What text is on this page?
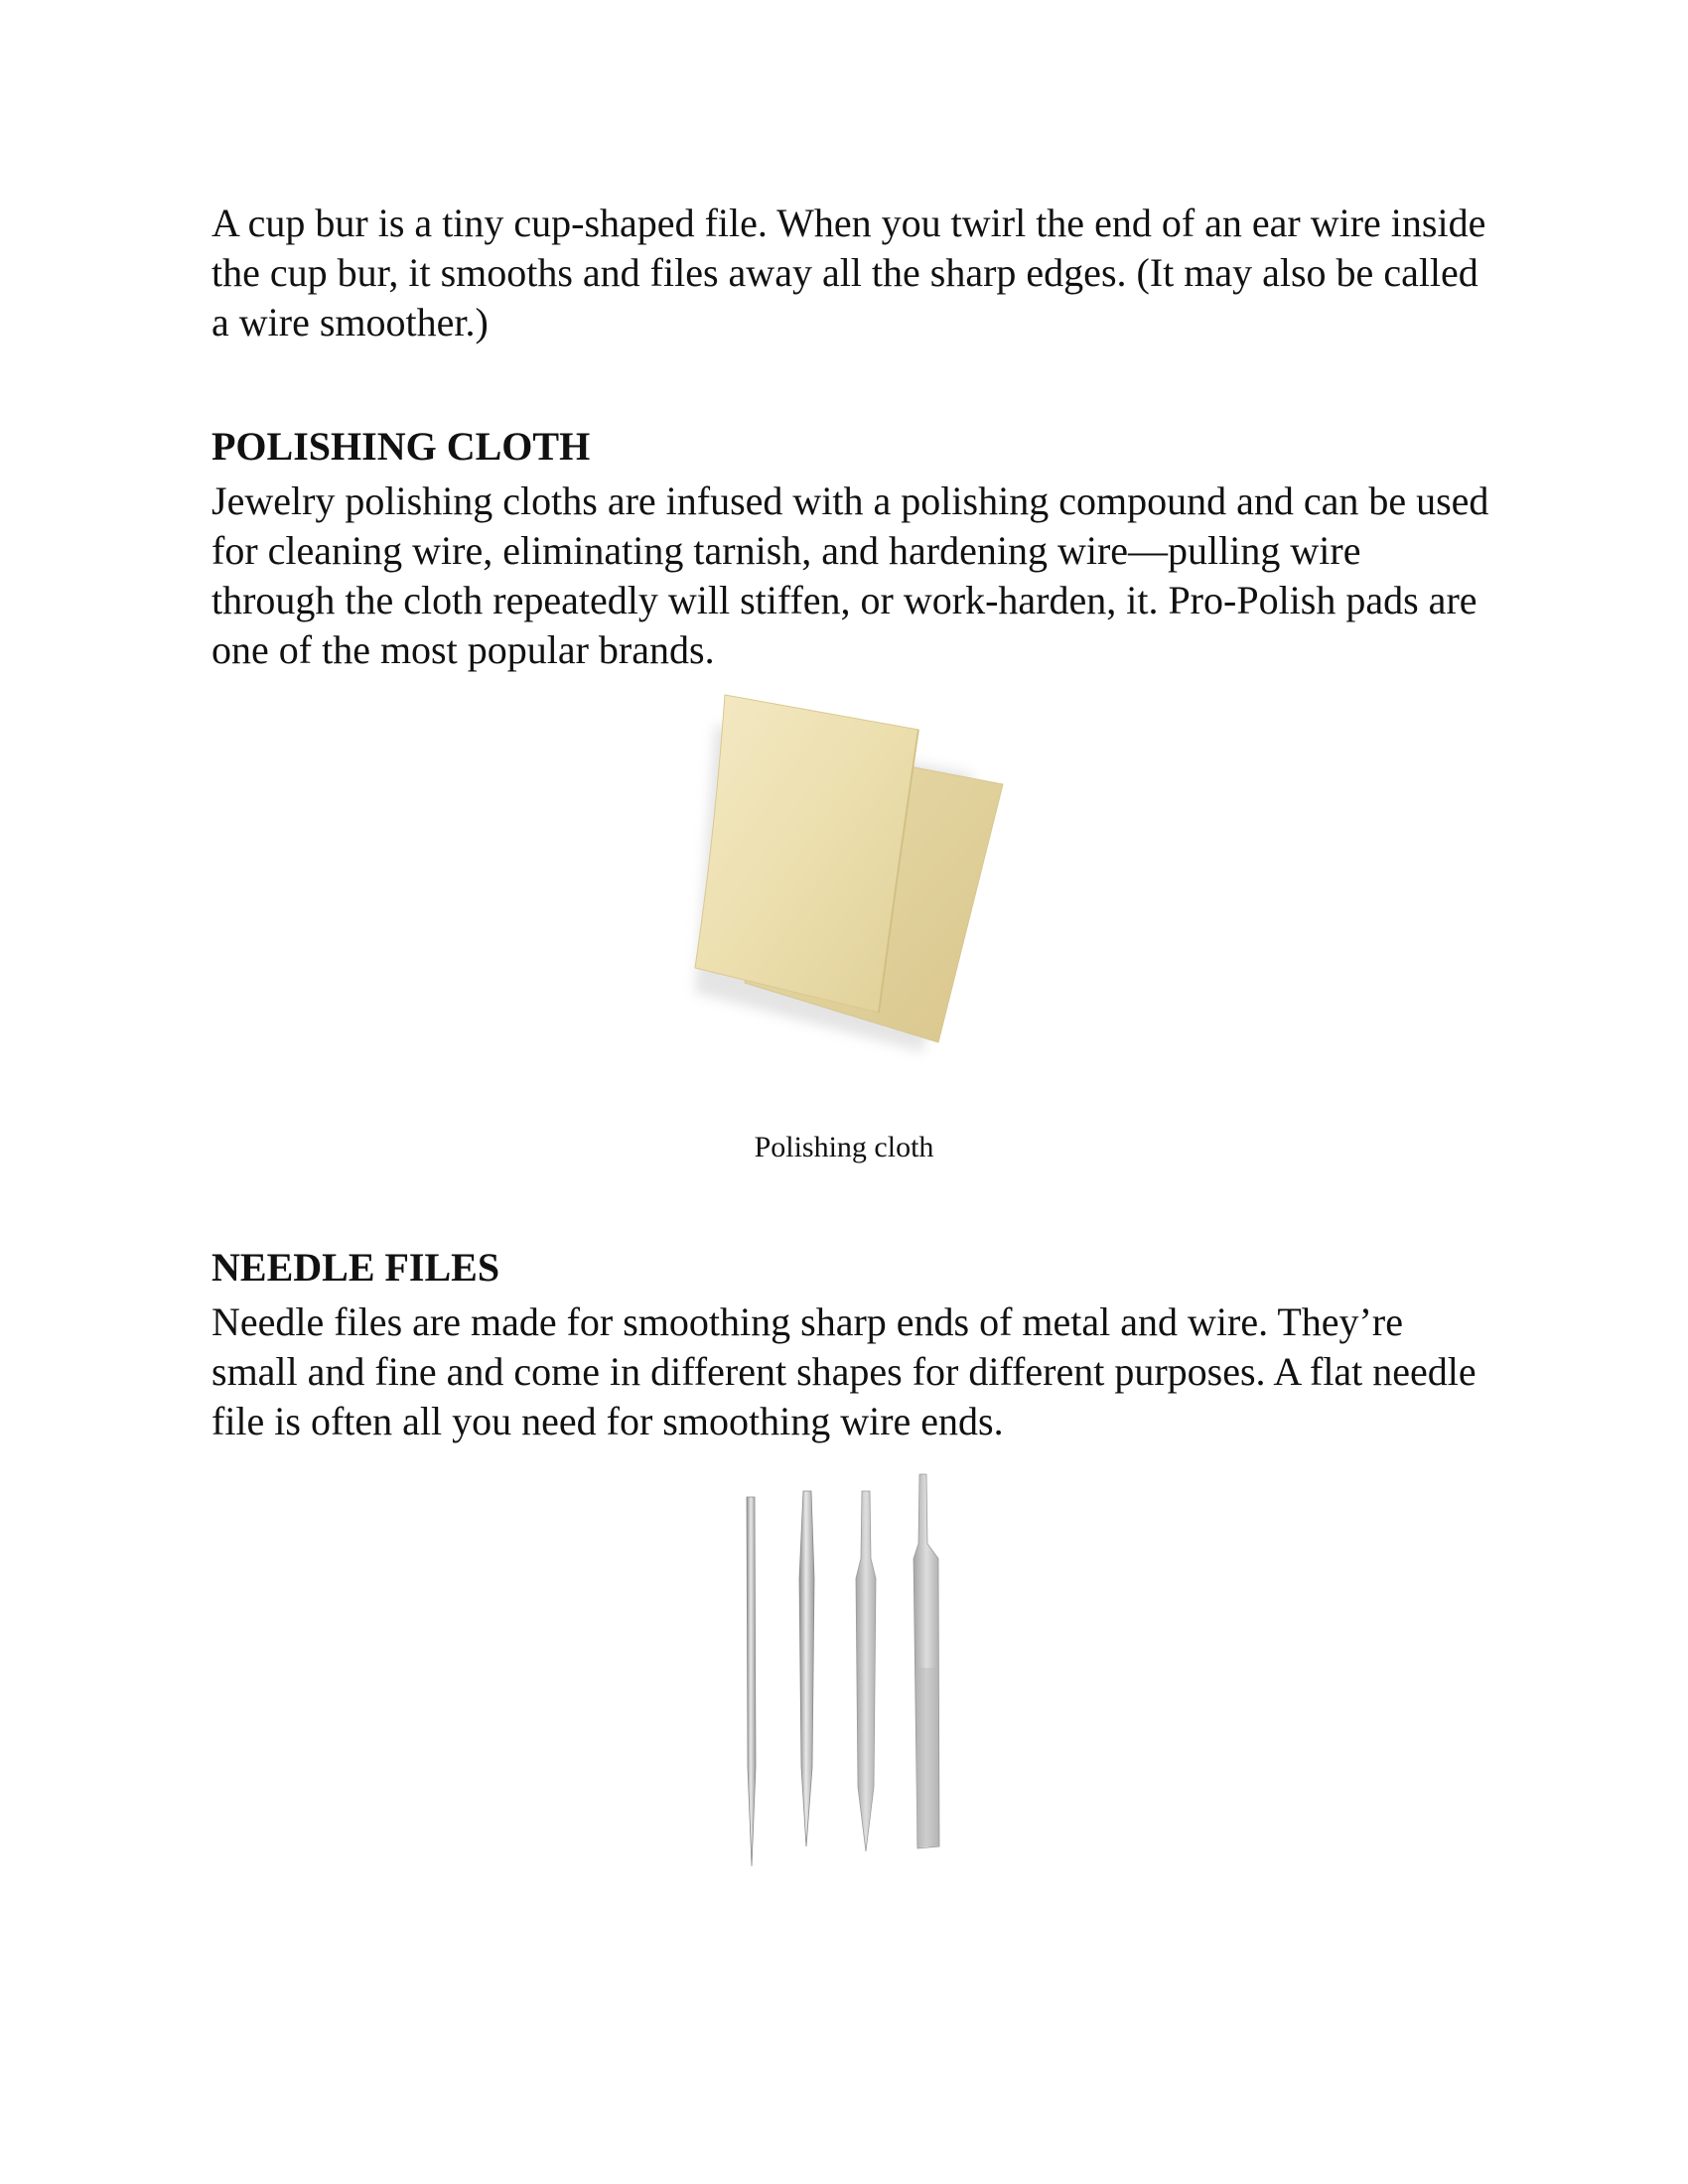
A cup bur is a tiny cup-shaped file. When you twirl the end of an ear wire inside the cup bur, it smooths and files away all the sharp edges. (It may also be called a wire smoother.)

POLISHING CLOTH

Jewelry polishing cloths are infused with a polishing compound and can be used for cleaning wire, eliminating tarnish, and hardening wire—pulling wire through the cloth repeatedly will stiffen, or work-harden, it. Pro-Polish pads are one of the most popular brands.

Polishing cloth

NEEDLE FILES

Needle files are made for smoothing sharp ends of metal and wire. They’re small and fine and come in different shapes for different purposes. A flat needle file is often all you need for smoothing wire ends.
